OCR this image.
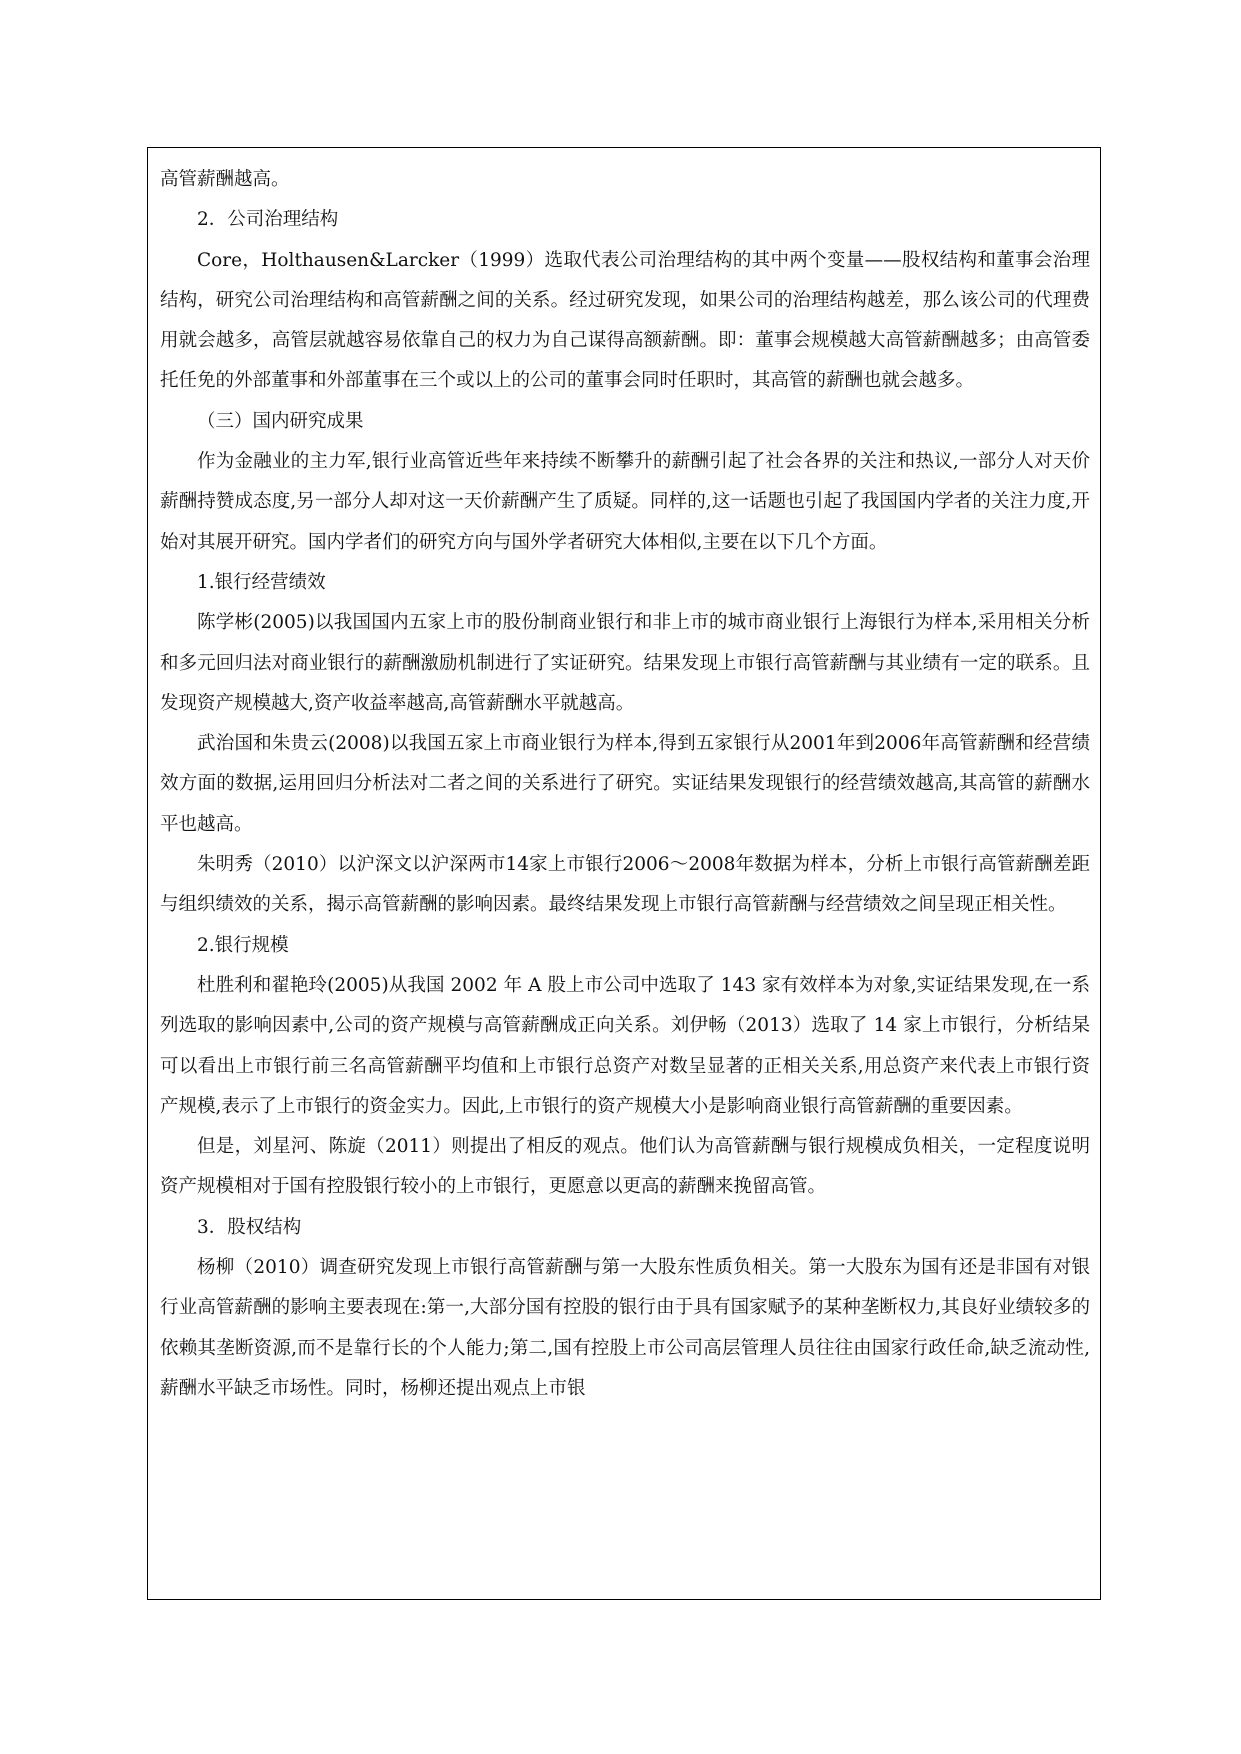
高管薪酬越高。

2．公司治理结构

Core，Holthausen&Larcker（1999）选取代表公司治理结构的其中两个变量——股权结构和董事会治理结构，研究公司治理结构和高管薪酬之间的关系。经过研究发现，如果公司的治理结构越差，那么该公司的代理费用就会越多，高管层就越容易依靠自己的权力为自己谋得高额薪酬。即：董事会规模越大高管薪酬越多；由高管委托任免的外部董事和外部董事在三个或以上的公司的董事会同时任职时，其高管的薪酬也就会越多。

（三）国内研究成果

作为金融业的主力军,银行业高管近些年来持续不断攀升的薪酬引起了社会各界的关注和热议,一部分人对天价薪酬持赞成态度,另一部分人却对这一天价薪酬产生了质疑。同样的,这一话题也引起了我国国内学者的关注力度,开始对其展开研究。国内学者们的研究方向与国外学者研究大体相似,主要在以下几个方面。

1.银行经营绩效

陈学彬(2005)以我国国内五家上市的股份制商业银行和非上市的城市商业银行上海银行为样本,采用相关分析和多元回归法对商业银行的薪酬激励机制进行了实证研究。结果发现上市银行高管薪酬与其业绩有一定的联系。且发现资产规模越大,资产收益率越高,高管薪酬水平就越高。

武治国和朱贵云(2008)以我国五家上市商业银行为样本,得到五家银行从2001年到2006年高管薪酬和经营绩效方面的数据,运用回归分析法对二者之间的关系进行了研究。实证结果发现银行的经营绩效越高,其高管的薪酬水平也越高。

朱明秀（2010）以沪深文以沪深两市14家上市银行2006～2008年数据为样本，分析上市银行高管薪酬差距与组织绩效的关系，揭示高管薪酬的影响因素。最终结果发现上市银行高管薪酬与经营绩效之间呈现正相关性。

2.银行规模

杜胜利和翟艳玲(2005)从我国 2002 年 A 股上市公司中选取了 143 家有效样本为对象,实证结果发现,在一系列选取的影响因素中,公司的资产规模与高管薪酬成正向关系。刘伊畅（2013）选取了 14 家上市银行，分析结杲可以看出上市银行前三名高管薪酬平均值和上市银行总资产对数呈显著的正相关关系,用总资产来代表上市银行资产规模,表示了上市银行的资金实力。因此,上市银行的资产规模大小是影响商业银行高管薪酬的重要因素。

但是，刘星河、陈旋（2011）则提出了相反的观点。他们认为高管薪酬与银行规模成负相关，一定程度说明资产规模相对于国有控股银行较小的上市银行，更愿意以更高的薪酬来挽留高管。

3．股权结构

杨柳（2010）调查研究发现上市银行高管薪酬与第一大股东性质负相关。第一大股东为国有还是非国有对银行业高管薪酬的影响主要表现在:第一,大部分国有控股的银行由于具有国家赋予的某种垄断权力,其良好业绩较多的依赖其垄断资源,而不是靠行长的个人能力;第二,国有控股上市公司高层管理人员往往由国家行政任命,缺乏流动性,薪酬水平缺乏市场性。同时，杨柳还提出观点上市银
